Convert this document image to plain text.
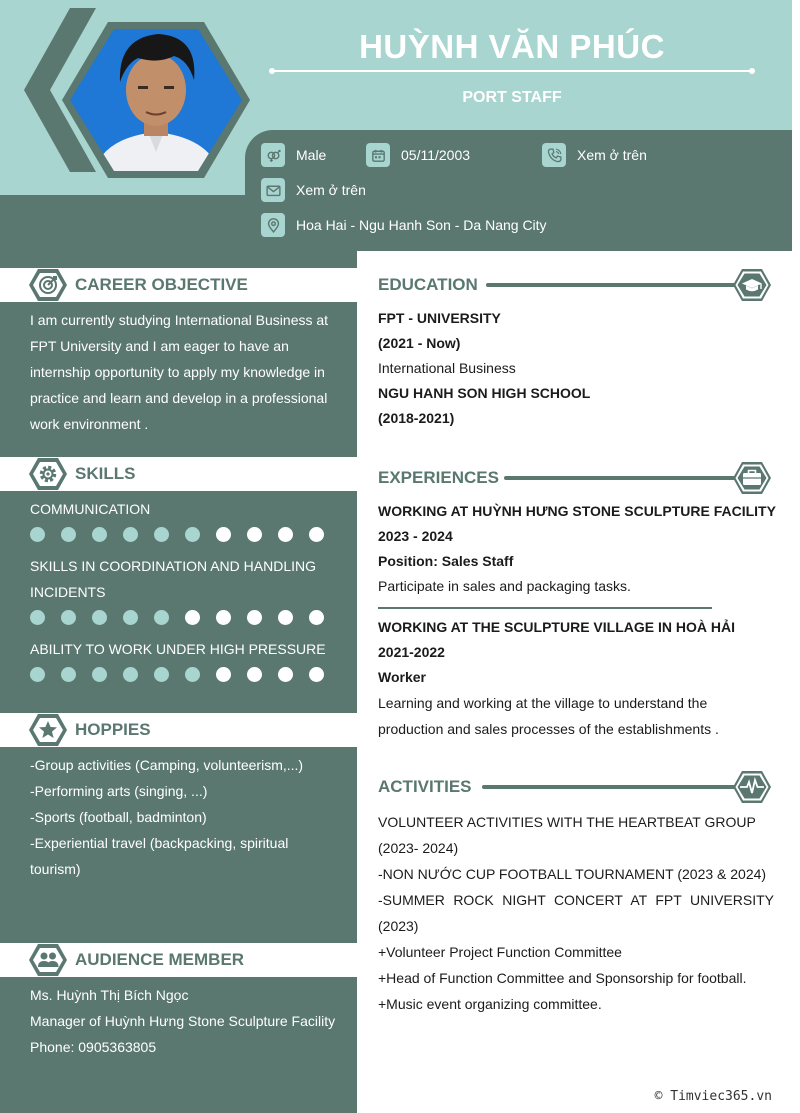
HUỲNH VĂN PHÚC
PORT STAFF
Male	05/11/2003	Xem ở trên
Xem ở trên
Hoa Hai - Ngu Hanh Son - Da Nang City
CAREER OBJECTIVE
I am currently studying International Business at FPT University and I am eager to have an internship opportunity to apply my knowledge in practice and learn and develop in a professional work environment .
SKILLS
COMMUNICATION
SKILLS IN COORDINATION AND HANDLING INCIDENTS
ABILITY TO WORK UNDER HIGH PRESSURE
HOPPIES
-Group activities (Camping, volunteerism,...)
-Performing arts (singing, ...)
-Sports (football, badminton)
-Experiential travel (backpacking, spiritual tourism)
AUDIENCE MEMBER
Ms. Huỳnh Thị Bích Ngọc
Manager of Huỳnh Hưng Stone Sculpture Facility
Phone: 0905363805
EDUCATION

FPT - UNIVERSITY

(2021 - Now)

International Business

NGU HANH SON HIGH SCHOOL

(2018-2021)

EXPERIENCES

WORKING AT HUỲNH HƯNG STONE SCULPTURE FACILITY

2023 - 2024

Position: Sales Staff

Participate in sales and packaging tasks.

WORKING AT THE SCULPTURE VILLAGE IN HOÀ HẢI

2021-2022

Worker

Learning and working at the village to understand the production and sales processes of the establishments .

ACTIVITIES

VOLUNTEER ACTIVITIES WITH THE HEARTBEAT GROUP

(2023- 2024)

-NON NƯỚC CUP FOOTBALL TOURNAMENT (2023 & 2024)

-SUMMER ROCK NIGHT CONCERT AT FPT UNIVERSITY (2023)

+Volunteer Project Function Committee

+Head of Function Committee and Sponsorship for football.

+Music event organizing committee.

© Timviec365.vn
